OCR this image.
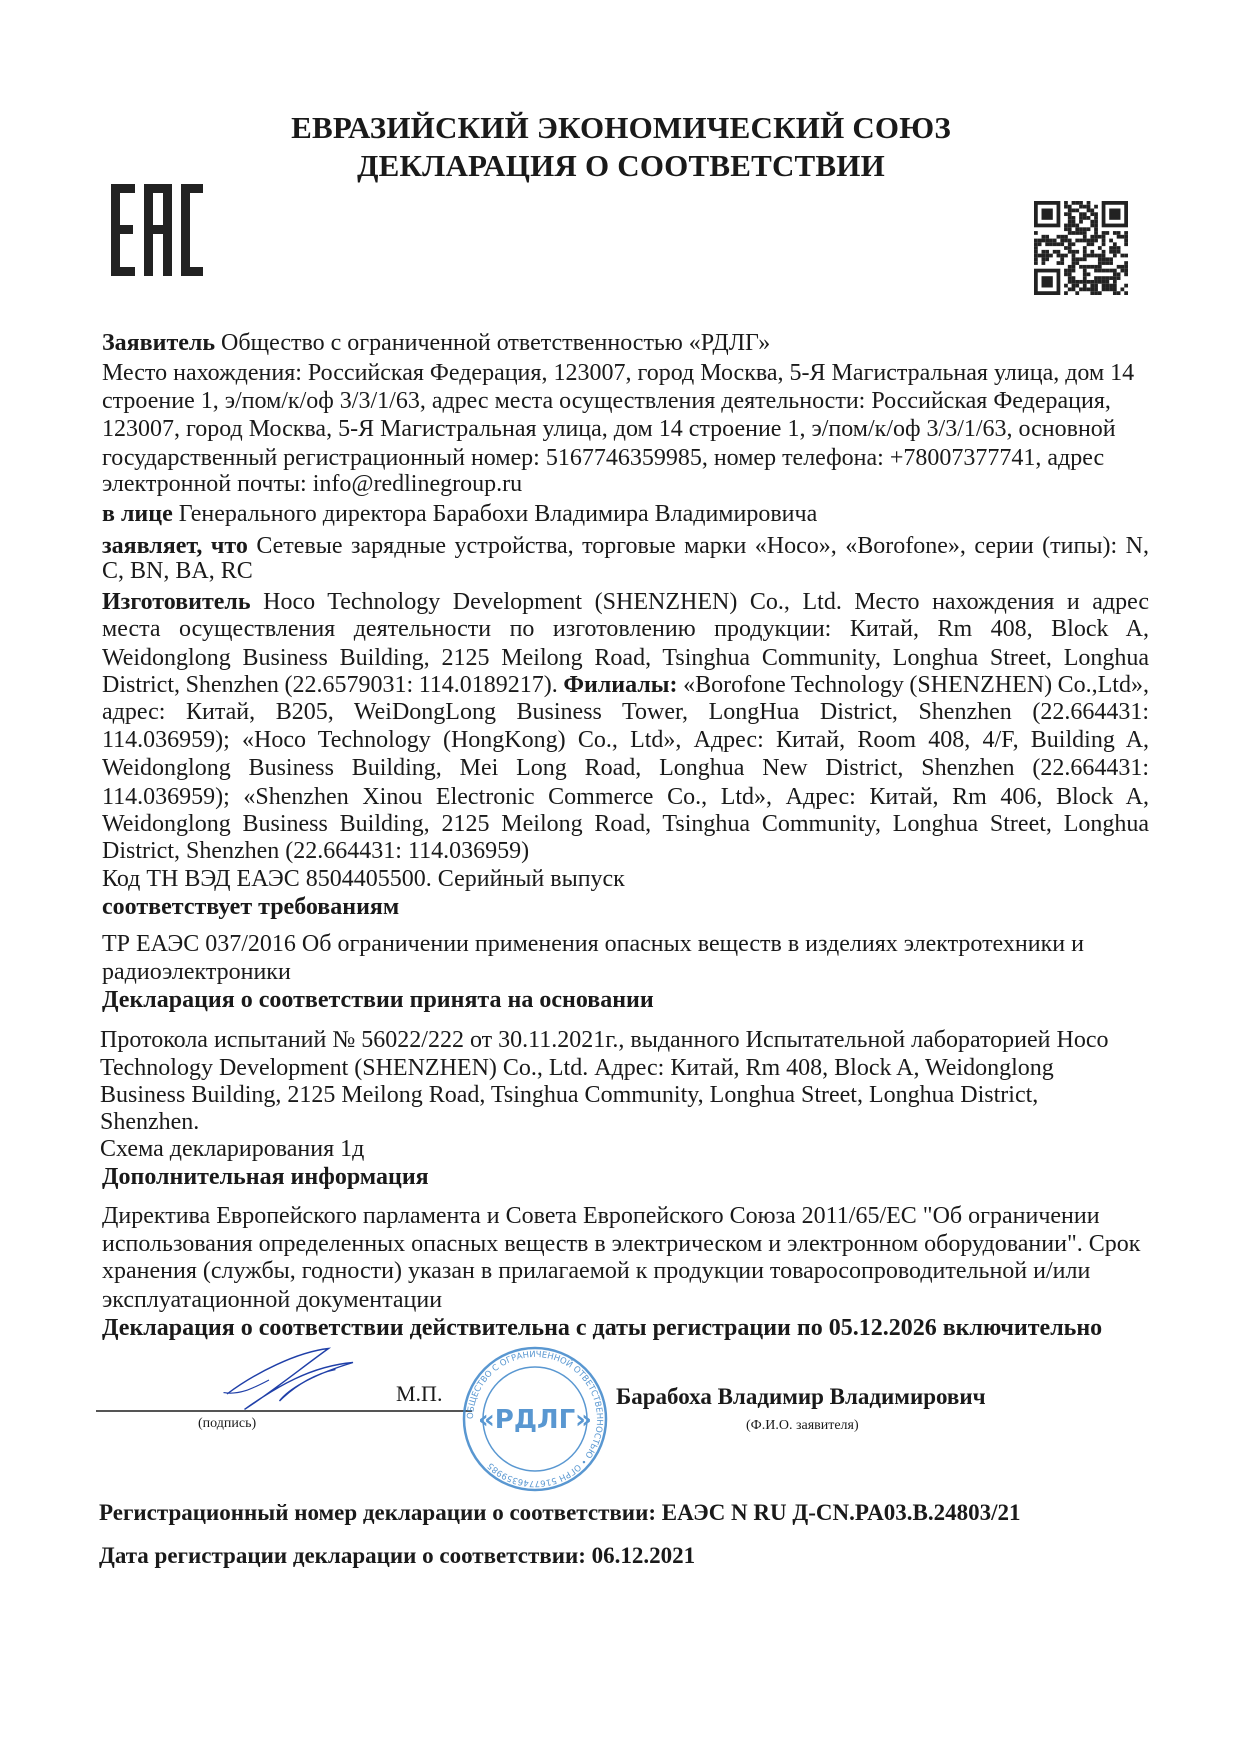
ЕВРАЗИЙСКИЙ ЭКОНОМИЧЕСКИЙ СОЮЗ
ДЕКЛАРАЦИЯ О СООТВЕТСТВИИ
Заявитель Общество с ограниченной ответственностью «РДЛГ»
Место нахождения: Российская Федерация, 123007, город Москва, 5-Я Магистральная улица, дом 14
строение 1, э/пом/к/оф 3/3/1/63, адрес места осуществления деятельности: Российская Федерация,
123007, город Москва, 5-Я Магистральная улица, дом 14 строение 1, э/пом/к/оф 3/3/1/63, основной
государственный регистрационный номер: 5167746359985, номер телефона: +78007377741, адрес
электронной почты: info@redlinegroup.ru
в лице Генерального директора Барабохи Владимира Владимировича
заявляет, что Сетевые зарядные устройства, торговые марки «Hoco», «Borofone», серии (типы): N,
C, BN, BA, RC
Изготовитель Hoco Technology Development (SHENZHEN) Co., Ltd. Место нахождения и адрес
места осуществления деятельности по изготовлению продукции: Китай, Rm 408, Block A,
Weidonglong Business Building, 2125 Meilong Road, Tsinghua Community, Longhua Street, Longhua
District, Shenzhen (22.6579031: 114.0189217). Филиалы: «Borofone Technology (SHENZHEN) Co.,Ltd»,
адрес: Китай, B205, WeiDongLong Business Tower, LongHua District, Shenzhen (22.664431:
114.036959); «Hoco Technology (HongKong) Co., Ltd», Адрес: Китай, Room 408, 4/F, Building A,
Weidonglong Business Building, Mei Long Road, Longhua New District, Shenzhen (22.664431:
114.036959); «Shenzhen Xinou Electronic Commerce Co., Ltd», Адрес: Китай, Rm 406, Block A,
Weidonglong Business Building, 2125 Meilong Road, Tsinghua Community, Longhua Street, Longhua
District, Shenzhen (22.664431: 114.036959)
Код ТН ВЭД ЕАЭС 8504405500. Серийный выпуск
соответствует требованиям
ТР ЕАЭС 037/2016 Об ограничении применения опасных веществ в изделиях электротехники и
радиоэлектроники
Декларация о соответствии принята на основании
Протокола испытаний № 56022/222 от 30.11.2021г., выданного Испытательной лабораторией Hoco
Technology Development (SHENZHEN) Co., Ltd. Адрес: Китай, Rm 408, Block A, Weidonglong
Business Building, 2125 Meilong Road, Tsinghua Community, Longhua Street, Longhua District,
Shenzhen.
Схема декларирования 1д
Дополнительная информация
Директива Европейского парламента и Совета Европейского Союза 2011/65/EC "Об ограничении
использования определенных опасных веществ в электрическом и электронном оборудовании". Срок
хранения (службы, годности) указан в прилагаемой к продукции товаросопроводительной и/или
эксплуатационной документации
Декларация о соответствии действительна с даты регистрации по 05.12.2026 включительно
М.П.
(подпись)
Барабоха Владимир Владимирович
(Ф.И.О. заявителя)
ОБЩЕСТВО С ОГРАНИЧЕННОЙ ОТВЕТСТВЕННОСТЬЮ • ОГРН 5167746359985
«РДЛГ»
Регистрационный номер декларации о соответствии: ЕАЭС N RU Д-CN.PA03.B.24803/21
Дата регистрации декларации о соответствии: 06.12.2021
